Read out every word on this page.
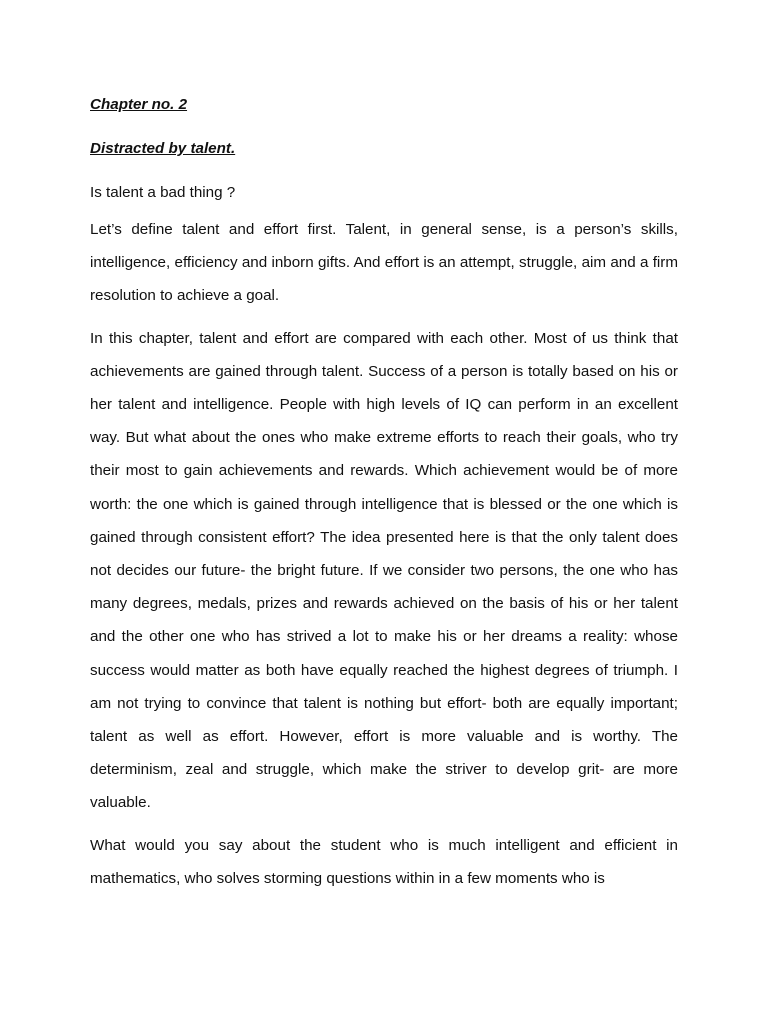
Chapter no. 2

Distracted by talent.

Is talent a bad thing ?

Let’s define talent and effort first. Talent, in general sense, is a person’s skills, intelligence, efficiency and inborn gifts. And effort is an attempt, struggle, aim and a firm resolution to achieve a goal.

In this chapter, talent and effort are compared with each other. Most of us think that achievements are gained through talent. Success of a person is totally based on his or her talent and intelligence. People with high levels of IQ can perform in an excellent way. But what about the ones who make extreme efforts to reach their goals, who try their most to gain achievements and rewards. Which achievement would be of more worth: the one which is gained through intelligence that is blessed or the one which is gained through consistent effort? The idea presented here is that the only talent does not decides our future- the bright future. If we consider two persons, the one who has many degrees, medals, prizes and rewards achieved on the basis of his or her talent and the other one who has strived a lot to make his or her dreams a reality: whose success would matter as both have equally reached the highest degrees of triumph. I am not trying to convince that talent is nothing but effort- both are equally important; talent as well as effort. However, effort is more valuable and is worthy. The determinism, zeal and struggle, which make the striver to develop grit- are more valuable.

What would you say about the student who is much intelligent and efficient in mathematics, who solves storming questions within in a few moments who is
